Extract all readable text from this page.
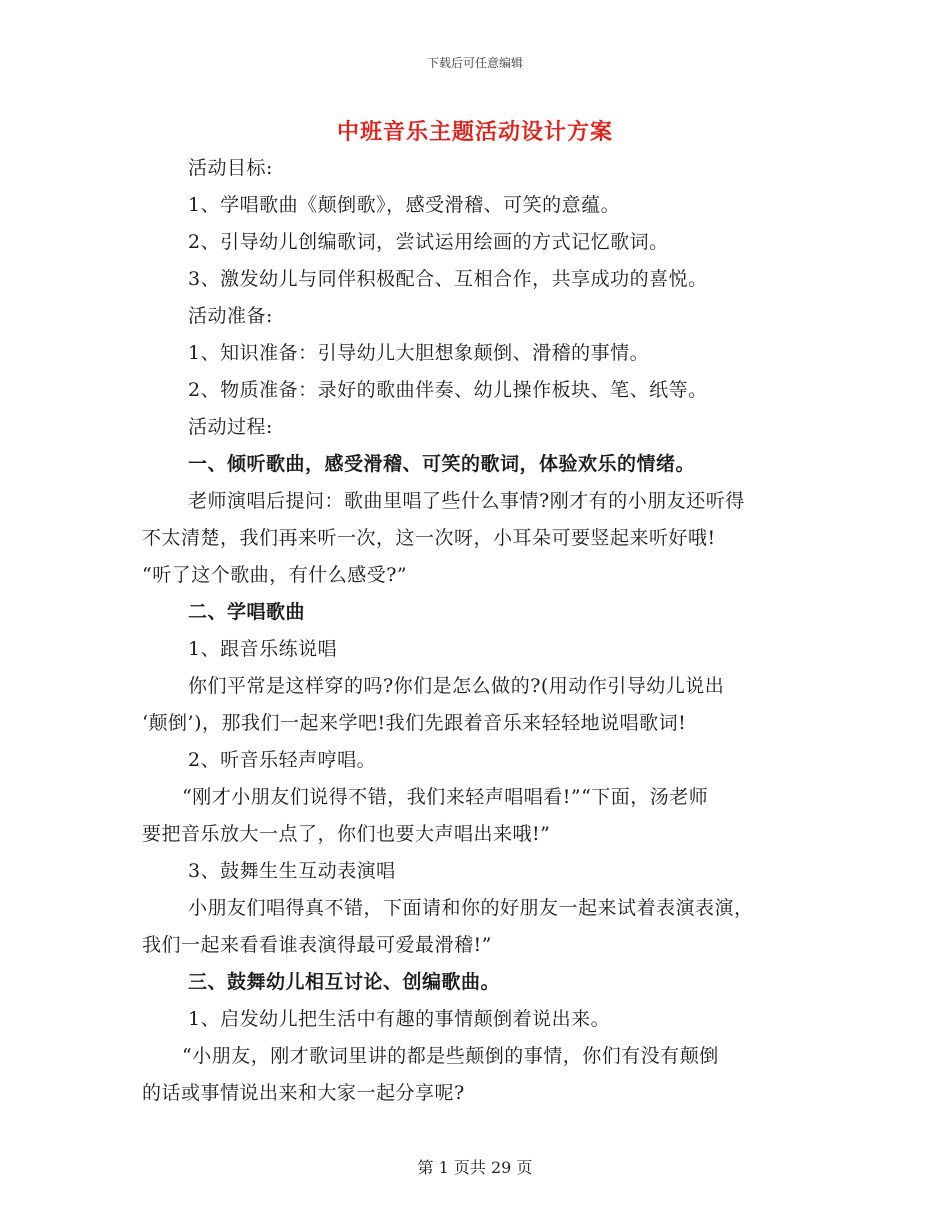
下载后可任意编辑
中班音乐主题活动设计方案

活动目标:

1、学唱歌曲《颠倒歌》，感受滑稽、可笑的意蕴。

2、引导幼儿创编歌词，尝试运用绘画的方式记忆歌词。

3、激发幼儿与同伴积极配合、互相合作，共享成功的喜悦。

活动准备:

1、知识准备：引导幼儿大胆想象颠倒、滑稽的事情。

2、物质准备：录好的歌曲伴奏、幼儿操作板块、笔、纸等。

活动过程:

一、倾听歌曲，感受滑稽、可笑的歌词，体验欢乐的情绪。

老师演唱后提问：歌曲里唱了些什么事情?刚才有的小朋友还听得

不太清楚，我们再来听一次，这一次呀，小耳朵可要竖起来听好哦!

“听了这个歌曲，有什么感受?”

二、学唱歌曲

1、跟音乐练说唱

你们平常是这样穿的吗?你们是怎么做的?(用动作引导幼儿说出

‘颠倒’)，那我们一起来学吧!我们先跟着音乐来轻轻地说唱歌词!

2、听音乐轻声哼唱。

“刚才小朋友们说得不错，我们来轻声唱唱看!”“下面，汤老师

要把音乐放大一点了，你们也要大声唱出来哦!”

3、鼓舞生生互动表演唱

小朋友们唱得真不错，下面请和你的好朋友一起来试着表演表演，

我们一起来看看谁表演得最可爱最滑稽!”

三、鼓舞幼儿相互讨论、创编歌曲。

1、启发幼儿把生活中有趣的事情颠倒着说出来。

“小朋友，刚才歌词里讲的都是些颠倒的事情，你们有没有颠倒

的话或事情说出来和大家一起分享呢?

第 1 页共 29 页
